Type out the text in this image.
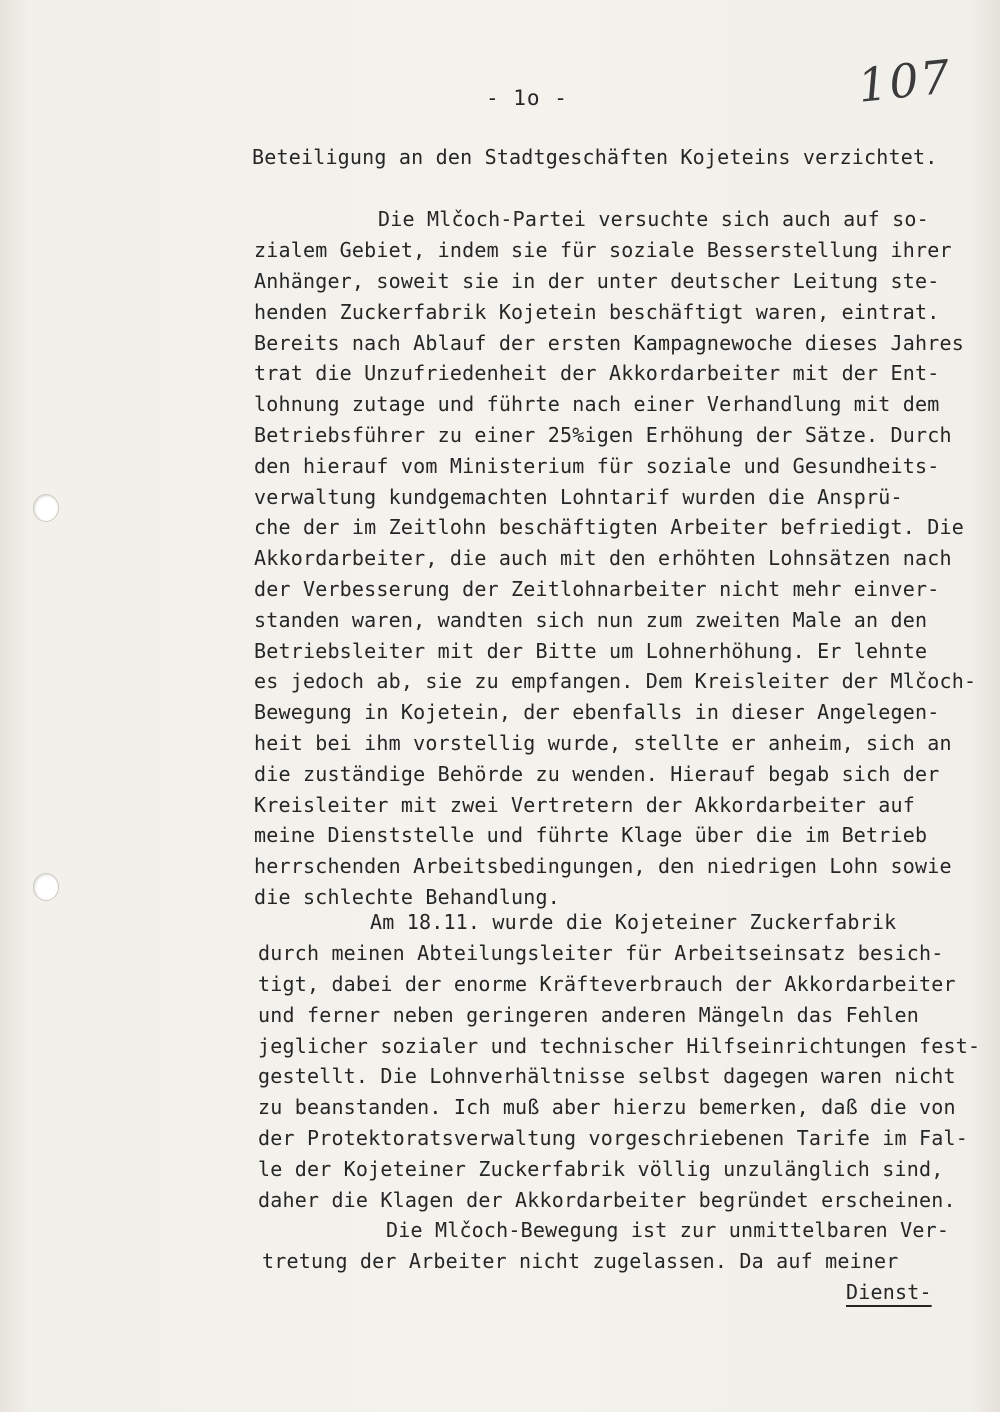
- 1o -	107
Beteiligung an den Stadtgeschäften Kojeteins verzichtet.
Die Mlčoch-Partei versuchte sich auch auf so-
zialem Gebiet, indem sie für soziale Besserstellung ihrer
Anhänger, soweit sie in der unter deutscher Leitung ste-
henden Zuckerfabrik Kojetein beschäftigt waren, eintrat.
Bereits nach Ablauf der ersten Kampagnewoche dieses Jahres
trat die Unzufriedenheit der Akkordarbeiter mit der Ent-
lohnung zutage und führte nach einer Verhandlung mit dem
Betriebsführer zu einer 25%igen Erhöhung der Sätze. Durch
den hierauf vom Ministerium für soziale und Gesundheits-
verwaltung kundgemachten Lohntarif wurden die Ansprü-
che der im Zeitlohn beschäftigten Arbeiter befriedigt. Die
Akkordarbeiter, die auch mit den erhöhten Lohnsätzen nach
der Verbesserung der Zeitlohnarbeiter nicht mehr einver-
standen waren, wandten sich nun zum zweiten Male an den
Betriebsleiter mit der Bitte um Lohnerhöhung. Er lehnte
es jedoch ab, sie zu empfangen. Dem Kreisleiter der Mlčoch-
Bewegung in Kojetein, der ebenfalls in dieser Angelegen-
heit bei ihm vorstellig wurde, stellte er anheim, sich an
die zuständige Behörde zu wenden. Hierauf begab sich der
Kreisleiter mit zwei Vertretern der Akkordarbeiter auf
meine Dienststelle und führte Klage über die im Betrieb
herrschenden Arbeitsbedingungen, den niedrigen Lohn sowie
die schlechte Behandlung.
Am 18.11. wurde die Kojeteiner Zuckerfabrik
durch meinen Abteilungsleiter für Arbeitseinsatz besich-
tigt, dabei der enorme Kräfteverbrauch der Akkordarbeiter
und ferner neben geringeren anderen Mängeln das Fehlen
jeglicher sozialer und technischer Hilfseinrichtungen fest-
gestellt. Die Lohnverhältnisse selbst dagegen waren nicht
zu beanstanden. Ich muß aber hierzu bemerken, daß die von
der Protektoratsverwaltung vorgeschriebenen Tarife im Fal-
le der Kojeteiner Zuckerfabrik völlig unzulänglich sind,
daher die Klagen der Akkordarbeiter begründet erscheinen.
Die Mlčoch-Bewegung ist zur unmittelbaren Ver-
tretung der Arbeiter nicht zugelassen. Da auf meiner
Dienst-
